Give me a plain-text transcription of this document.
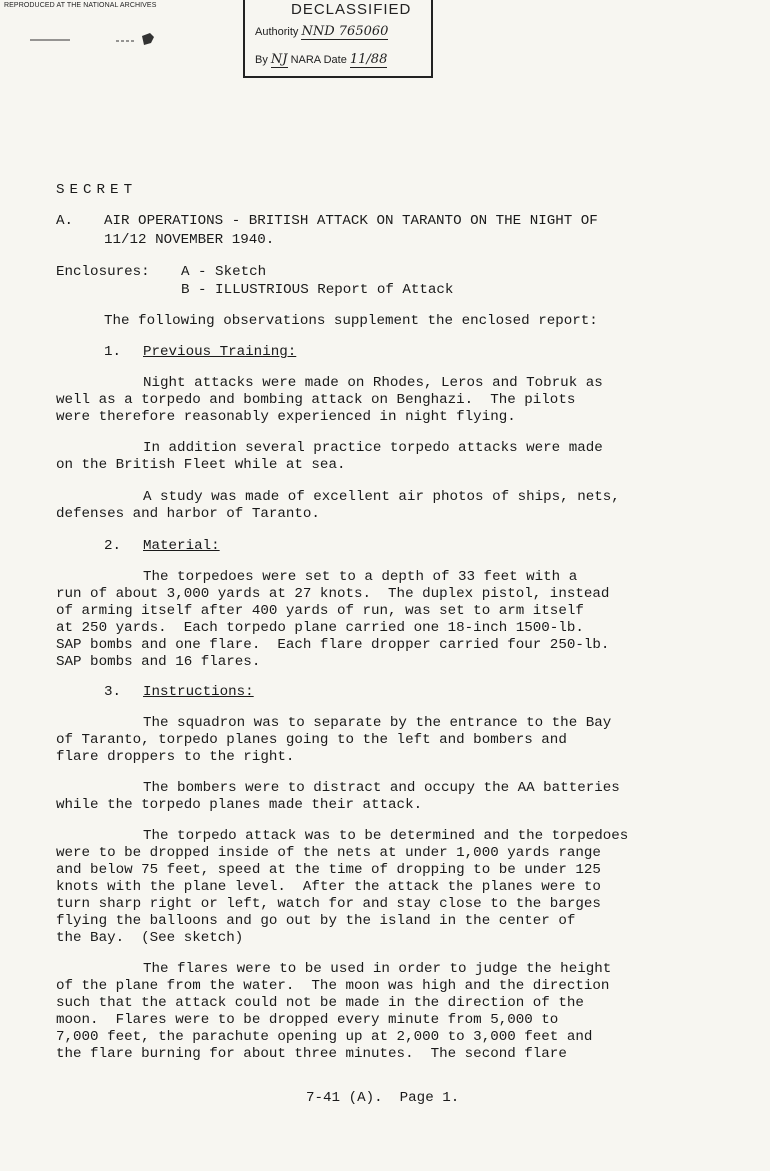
REPRODUCED AT THE NATIONAL ARCHIVES	DECLASSIFIED
Authority NND 765060
By NJ NARA Date 11/88
SECRET
A. AIR OPERATIONS - BRITISH ATTACK ON TARANTO ON THE NIGHT OF
11/12 NOVEMBER 1940.
Enclosures: A - Sketch
B - ILLUSTRIOUS Report of Attack
The following observations supplement the enclosed report:
1. Previous Training:
Night attacks were made on Rhodes, Leros and Tobruk as
well as a torpedo and bombing attack on Benghazi.  The pilots
were therefore reasonably experienced in night flying.
In addition several practice torpedo attacks were made
on the British Fleet while at sea.
A study was made of excellent air photos of ships, nets,
defenses and harbor of Taranto.
2. Material:
The torpedoes were set to a depth of 33 feet with a
run of about 3,000 yards at 27 knots.  The duplex pistol, instead
of arming itself after 400 yards of run, was set to arm itself
at 250 yards.  Each torpedo plane carried one 18-inch 1500-lb.
SAP bombs and one flare.  Each flare dropper carried four 250-lb.
SAP bombs and 16 flares.
3. Instructions:
The squadron was to separate by the entrance to the Bay
of Taranto, torpedo planes going to the left and bombers and
flare droppers to the right.
The bombers were to distract and occupy the AA batteries
while the torpedo planes made their attack.
The torpedo attack was to be determined and the torpedoes
were to be dropped inside of the nets at under 1,000 yards range
and below 75 feet, speed at the time of dropping to be under 125
knots with the plane level.  After the attack the planes were to
turn sharp right or left, watch for and stay close to the barges
flying the balloons and go out by the island in the center of
the Bay.  (See sketch)
The flares were to be used in order to judge the height
of the plane from the water.  The moon was high and the direction
such that the attack could not be made in the direction of the
moon.  Flares were to be dropped every minute from 5,000 to
7,000 feet, the parachute opening up at 2,000 to 3,000 feet and
the flare burning for about three minutes.  The second flare
7-41 (A).  Page 1.
